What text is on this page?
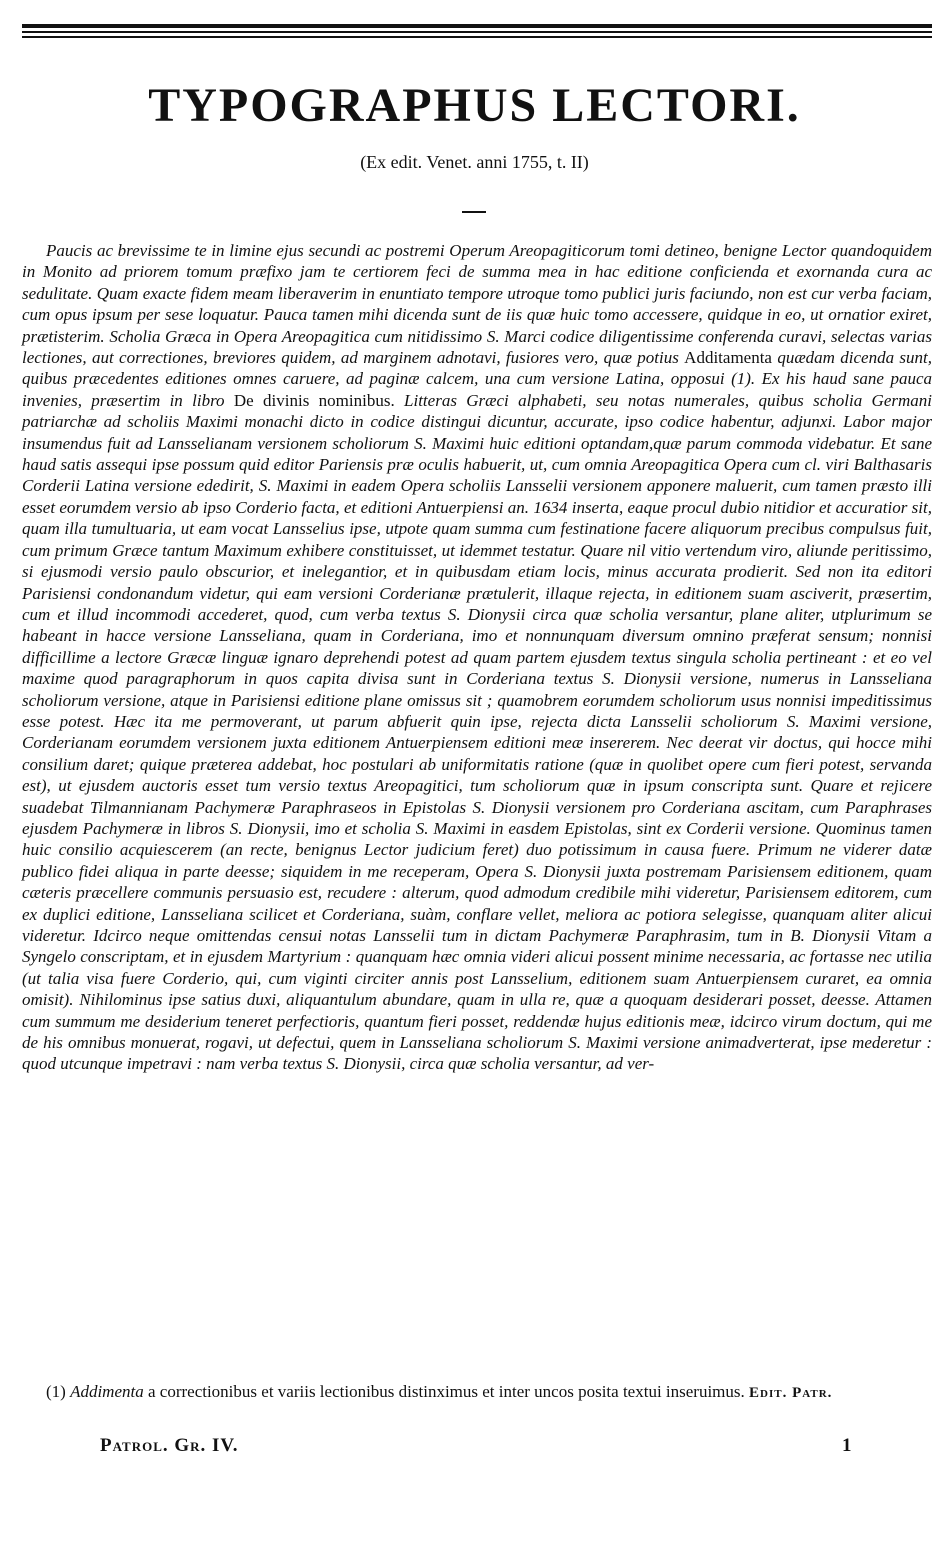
TYPOGRAPHUS LECTORI.
(Ex edit. Venet. anni 1755, t. II)

Paucis ac brevissime te in limine ejus secundi ac postremi Operum Areopagiticorum tomi detineo, benigne Lector quandoquidem in Monito ad priorem tomum præfixo jam te certiorem feci de summa mea in hac editione conficienda et exornanda cura ac sedulitate. Quam exacte fidem meam liberaverim in enuntiato tempore utroque tomo publici juris faciundo, non est cur verba faciam, cum opus ipsum per sese loquatur. Pauca tamen mihi dicenda sunt de iis quæ huic tomo accessere, quidque in eo, ut ornatior exiret, prætisterim. Scholia Græca in Opera Areopagitica cum nitidissimo S. Marci codice diligentissime conferenda curavi, selectas varias lectiones, aut correctiones, breviores quidem, ad marginem adnotavi, fusiores vero, quæ potius Additamenta quædam dicenda sunt, quibus præcedentes editiones omnes caruere, ad paginæ calcem, una cum versione Latina, opposui (1). Ex his haud sane pauca invenies, præsertim in libro De divinis nominibus. Litteras Græci alphabeti, seu notas numerales, quibus scholia Germani patriarchæ ad scholiis Maximi monachi dicto in codice distingui dicuntur, accurate, ipso codice habentur, adjunxi. Labor major insumendus fuit ad Lansselianam versionem scholiorum S. Maximi huic editioni optandam,quæ parum commoda videbatur. Et sane haud satis assequi ipse possum quid editor Pariensis præ oculis habuerit, ut, cum omnia Areopagitica Opera cum cl. viri Balthasaris Corderii Latina versione ededirit, S. Maximi in eadem Opera scholiis Lansselii versionem apponere maluerit, cum tamen præsto illi esset eorumdem versio ab ipso Corderio facta, et editioni Antuerpiensi an. 1634 inserta, eaque procul dubio nitidior et accuratior sit, quam illa tumultuaria, ut eam vocat Lansselius ipse, utpote quam summa cum festinatione facere aliquorum precibus compulsus fuit, cum primum Græce tantum Maximum exhibere constituisset, ut idemmet testatur. Quare nil vitio vertendum viro, aliunde peritissimo, si ejusmodi versio paulo obscurior, et inelegantior, et in quibusdam etiam locis, minus accurata prodierit. Sed non ita editori Parisiensi condonandum videtur, qui eam versioni Corderianæ prætulerit, illaque rejecta, in editionem suam asciverit, præsertim, cum et illud incommodi accederet, quod, cum verba textus S. Dionysii circa quæ scholia versantur, plane aliter, utplurimum se habeant in hacce versione Lansseliana, quam in Corderiana, imo et nonnunquam diversum omnino præferat sensum; nonnisi difficillime a lectore Græcæ linguæ ignaro deprehendi potest ad quam partem ejusdem textus singula scholia pertineant : et eo vel maxime quod paragraphorum in quos capita divisa sunt in Corderiana textus S. Dionysii versione, numerus in Lansseliana scholiorum versione, atque in Parisiensi editione plane omissus sit ; quamobrem eorumdem scholiorum usus nonnisi impeditissimus esse potest. Hæc ita me permoverant, ut parum abfuerit quin ipse, rejecta dicta Lansselii scholiorum S. Maximi versione, Corderianam eorumdem versionem juxta editionem Antuerpiensem editioni meæ insererem. Nec deerat vir doctus, qui hocce mihi consilium daret; quique præterea addebat, hoc postulari ab uniformitatis ratione (quæ in quolibet opere cum fieri potest, servanda est), ut ejusdem auctoris esset tum versio textus Areopagitici, tum scholiorum quæ in ipsum conscripta sunt. Quare et rejicere suadebat Tilmannianam Pachymeræ Paraphraseos in Epistolas S. Dionysii versionem pro Corderiana ascitam, cum Paraphrases ejusdem Pachymeræ in libros S. Dionysii, imo et scholia S. Maximi in easdem Epistolas, sint ex Corderii versione. Quominus tamen huic consilio acquiescerem (an recte, benignus Lector judicium feret) duo potissimum in causa fuere. Primum ne viderer datæ publico fidei aliqua in parte deesse; siquidem in me receperam, Opera S. Dionysii juxta postremam Parisiensem editionem, quam cæteris præcellere communis persuasio est, recudere : alterum, quod admodum credibile mihi videretur, Parisiensem editorem, cum ex duplici editione, Lansseliana scilicet et Corderiana, suàm, conflare vellet, meliora ac potiora selegisse, quanquam aliter alicui videretur. Idcirco neque omittendas censui notas Lansselii tum in dictam Pachymeræ Paraphrasim, tum in B. Dionysii Vitam a Syngelo conscriptam, et in ejusdem Martyrium : quanquam hæc omnia videri alicui possent minime necessaria, ac fortasse nec utilia (ut talia visa fuere Corderio, qui, cum viginti circiter annis post Lansselium, editionem suam Antuerpiensem curaret, ea omnia omisit). Nihilominus ipse satius duxi, aliquantulum abundare, quam in ulla re, quæ a quoquam desiderari posset, deesse. Attamen cum summum me desiderium teneret perfectioris, quantum fieri posset, reddendæ hujus editionis meæ, idcirco virum doctum, qui me de his omnibus monuerat, rogavi, ut defectui, quem in Lansseliana scholiorum S. Maximi versione animadverterat, ipse mederetur : quod utcunque impetravi : nam verba textus S. Dionysii, circa quæ scholia versantur, ad ver-

(1) Addimenta a correctionibus et variis lectionibus distinximus et inter uncos posita textui inseruimus. Edit. Patr.

Patrol. Gr. IV.	1
